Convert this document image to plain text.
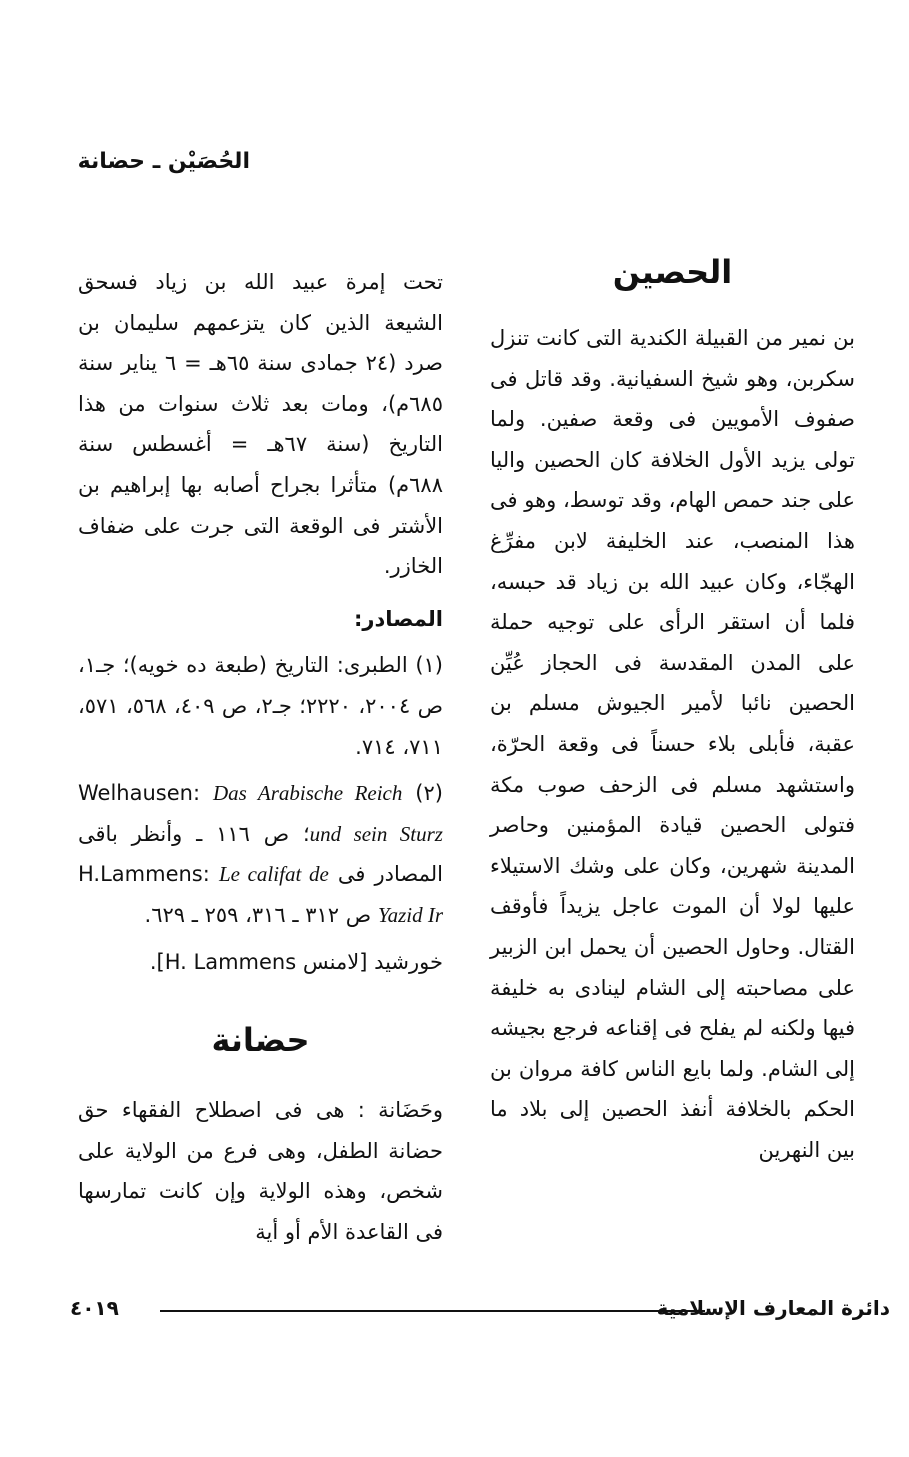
الحُصَيْن ـ حضانة
الحصين

بن نمير من القبيلة الكندية التى كانت تنزل سكربن، وهو شيخ السفيانية. وقد قاتل فى صفوف الأمويين فى وقعة صفين. ولما تولى يزيد الأول الخلافة كان الحصين واليا على جند حمص الهام، وقد توسط، وهو فى هذا المنصب، عند الخليفة لابن مفرِّغ الهجّاء، وكان عبيد الله بن زياد قد حبسه، فلما أن استقر الرأى على توجيه حملة على المدن المقدسة فى الحجاز عُيِّن الحصين نائبا لأمير الجيوش مسلم بن عقبة، فأبلى بلاء حسناً فى وقعة الحرّة، واستشهد مسلم فى الزحف صوب مكة فتولى الحصين قيادة المؤمنين وحاصر المدينة شهرين، وكان على وشك الاستيلاء عليها لولا أن الموت عاجل يزيداً فأوقف القتال. وحاول الحصين أن يحمل ابن الزبير على مصاحبته إلى الشام لينادى به خليفة فيها ولكنه لم يفلح فى إقناعه فرجع بجيشه إلى الشام. ولما بايع الناس كافة مروان بن الحكم بالخلافة أنفذ الحصين إلى بلاد ما بين النهرين

تحت إمرة عبيد الله بن زياد فسحق الشيعة الذين كان يتزعمهم سليمان بن صرد (٢٤ جمادى سنة ٦٥هـ = ٦ يناير سنة ٦٨٥م)، ومات بعد ثلاث سنوات من هذا التاريخ (سنة ٦٧هـ = أغسطس سنة ٦٨٨م) متأثرا بجراح أصابه بها إبراهيم بن الأشتر فى الوقعة التى جرت على ضفاف الخازر.

المصادر:

(١) الطبرى: التاريخ (طبعة ده خويه)؛ جـ١، ص ٢٠٠٤، ٢٢٢٠؛ جـ٢، ص ٤٠٩، ٥٦٨، ٥٧١، ٧١١، ٧١٤.

(٢) Welhausen: Das Arabische Reich und sein Sturz؛ ص ١١٦ ـ وأنظر باقى المصادر فى H.Lammens: Le califat de Yazid Ir ص ٣١٢ ـ ٣١٦، ٢٥٩ ـ ٦٢٩.

خورشيد [لامنس H. Lammens].

حضانة

وحَضَانة : هى فى اصطلاح الفقهاء حق حضانة الطفل، وهى فرع من الولاية على شخص، وهذه الولاية وإن كانت تمارسها فى القاعدة الأم أو أية

دائرة المعارف الإسلامية
٤٠١٩
